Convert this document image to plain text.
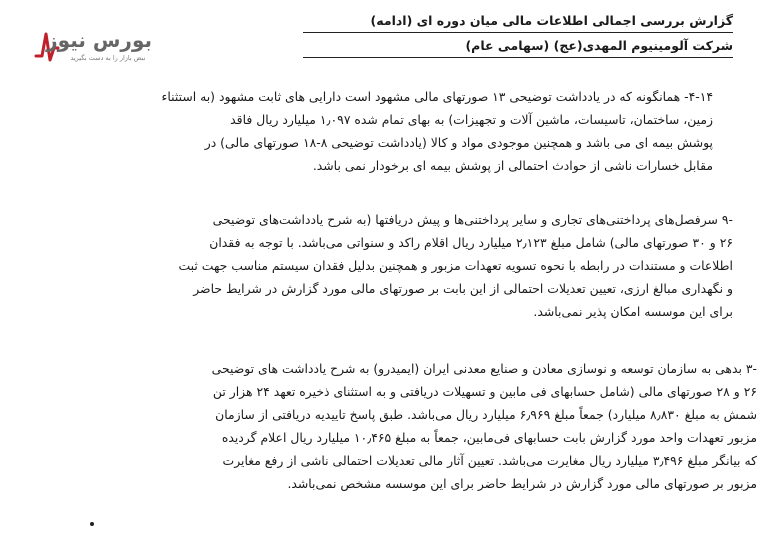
گزارش بررسی اجمالی اطلاعات مالی میان دوره ای (ادامه)
شرکت آلومینیوم المهدی(عج) (سهامی عام)
بورس نیوز
نبض بازار را به دست بگیرید
۴-۱۴- همانگونه که در یادداشت توضیحی ۱۳ صورتهای مالی مشهود است دارایی های ثابت مشهود (به استثناء
زمین، ساختمان، تاسیسات، ماشین آلات و تجهیزات) به بهای تمام شده ۱٫۰۹۷ میلیارد ریال فاقد
پوشش بیمه ای می باشد و همچنین موجودی مواد و کالا (یادداشت توضیحی ۸-۱۸ صورتهای مالی) در
مقابل خسارات ناشی از حوادث احتمالی از پوشش بیمه ای برخودار نمی باشد.
-۹ سرفصل‌های پرداختنی‌های تجاری و سایر پرداختنی‌ها و پیش دریافتها (به شرح یادداشت‌های توضیحی
۲۶ و ۳۰ صورتهای مالی) شامل مبلغ ۲٫۱۲۳ میلیارد ریال اقلام راکد و سنواتی می‌باشد. با توجه به فقدان
اطلاعات و مستندات در رابطه با نحوه تسویه تعهدات مزبور و همچنین بدلیل فقدان سیستم مناسب جهت ثبت
و نگهداری مبالغ ارزی، تعیین تعدیلات احتمالی از این بابت بر صورتهای مالی مورد گزارش در شرایط حاضر
برای این موسسه امکان پذیر نمی‌باشد.
-۳ بدهی به سازمان توسعه و نوسازی معادن و صنایع معدنی ایران (ایمیدرو) به شرح یادداشت های توضیحی
۲۶ و ۲۸ صورتهای مالی (شامل حسابهای فی مابین و تسهیلات دریافتی و به استثنای ذخیره تعهد ۲۴ هزار تن
شمش به مبلغ ۸٫۸۳۰ میلیارد) جمعاً مبلغ ۶٫۹۶۹ میلیارد ریال می‌باشد. طبق پاسخ تاییدیه دریافتی از سازمان
مزبور تعهدات واحد مورد گزارش بابت حسابهای فی‌مابین، جمعاً به مبلغ ۱۰٫۴۶۵ میلیارد ریال اعلام گردیده
که بیانگر مبلغ ۳٫۴۹۶ میلیارد ریال مغایرت می‌باشد. تعیین آثار مالی تعدیلات احتمالی ناشی از رفع مغایرت
مزبور بر صورتهای مالی مورد گزارش در شرایط حاضر برای این موسسه مشخص نمی‌باشد.
